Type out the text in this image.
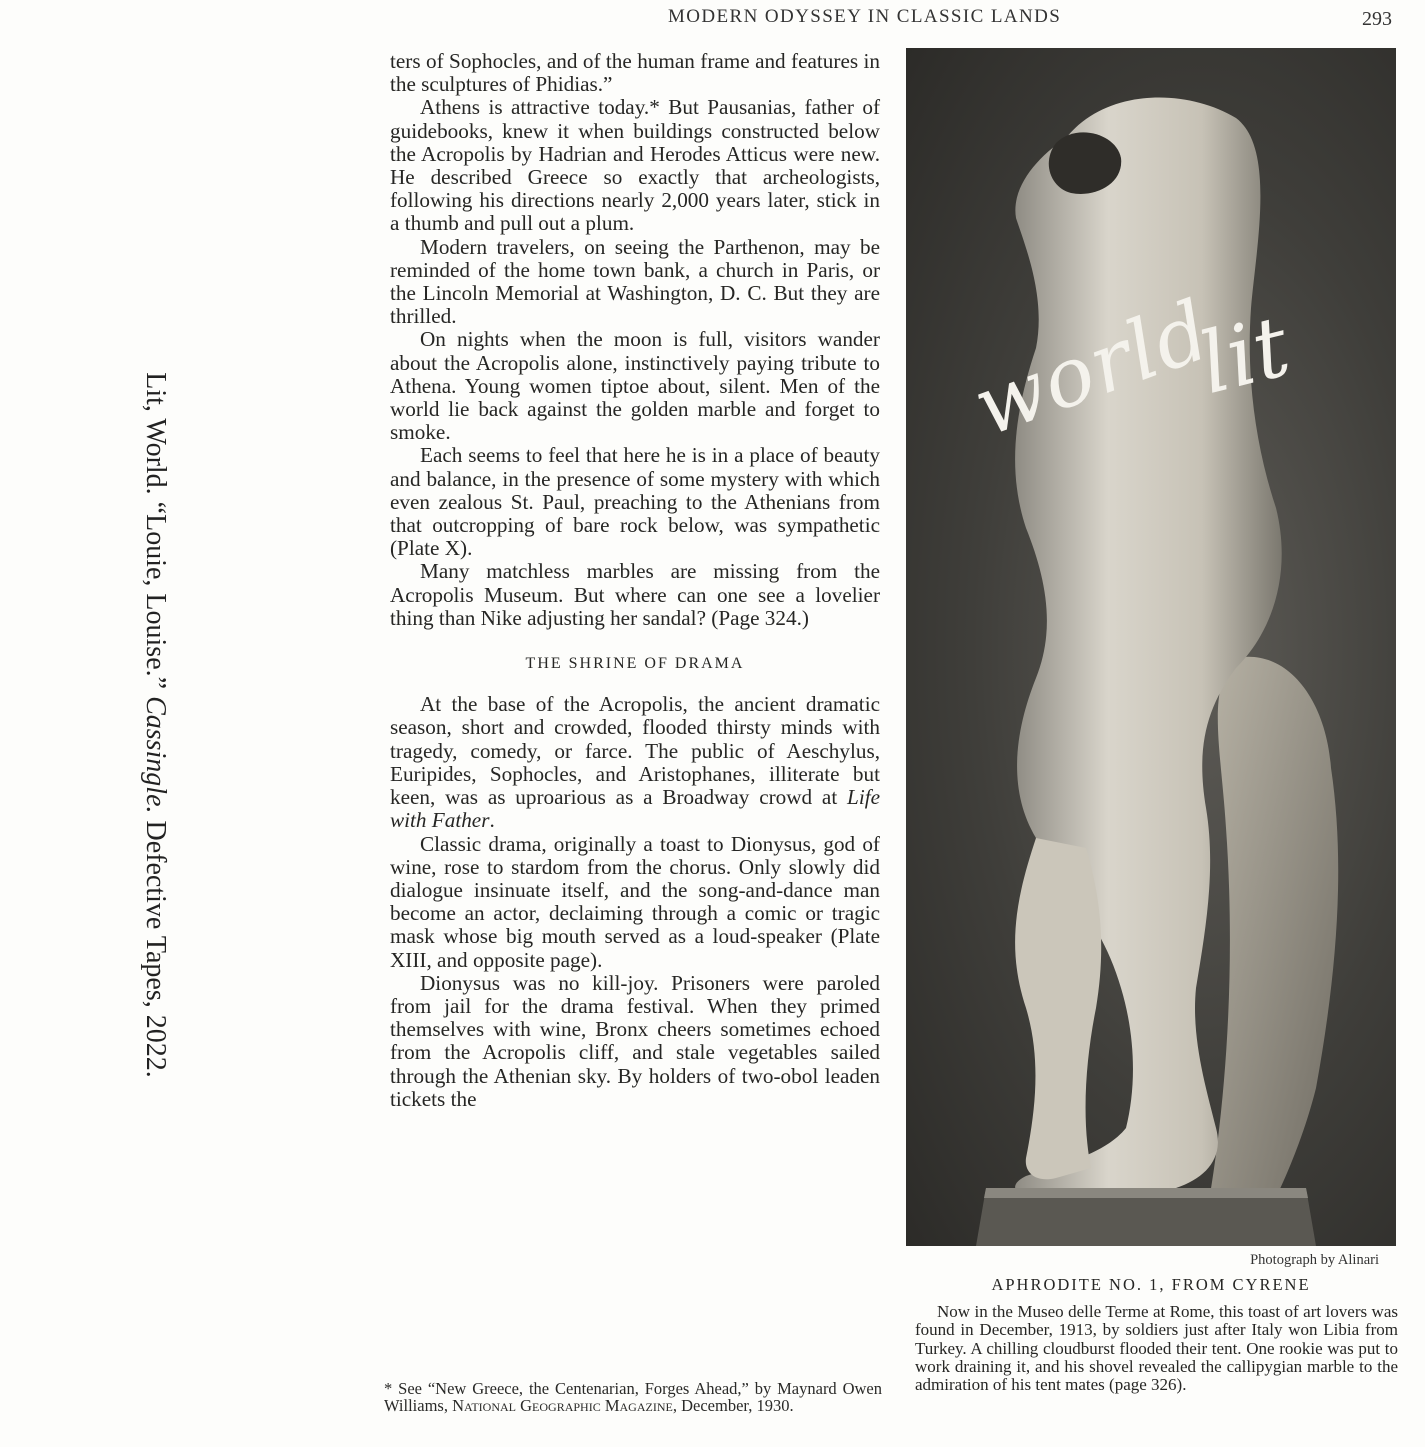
Lit, World. “Louie, Louise.” Cassingle. Defective Tapes, 2022.
MODERN ODYSSEY IN CLASSIC LANDS	293

ters of Sophocles, and of the human frame and features in the sculptures of Phidias.”

Athens is attractive today.* But Pausanias, father of guidebooks, knew it when buildings constructed below the Acropolis by Hadrian and Herodes Atticus were new. He described Greece so exactly that archeologists, following his directions nearly 2,000 years later, stick in a thumb and pull out a plum.

Modern travelers, on seeing the Parthenon, may be reminded of the home town bank, a church in Paris, or the Lincoln Memorial at Washington, D. C. But they are thrilled.

On nights when the moon is full, visitors wander about the Acropolis alone, instinctively paying tribute to Athena. Young women tiptoe about, silent. Men of the world lie back against the golden marble and forget to smoke.

Each seems to feel that here he is in a place of beauty and balance, in the presence of some mystery with which even zealous St. Paul, preaching to the Athenians from that outcropping of bare rock below, was sympathetic (Plate X).

Many matchless marbles are missing from the Acropolis Museum. But where can one see a lovelier thing than Nike adjusting her sandal? (Page 324.)

THE SHRINE OF DRAMA

At the base of the Acropolis, the ancient dramatic season, short and crowded, flooded thirsty minds with tragedy, comedy, or farce. The public of Aeschylus, Euripides, Sophocles, and Aristophanes, illiterate but keen, was as uproarious as a Broadway crowd at Life with Father.

Classic drama, originally a toast to Dionysus, god of wine, rose to stardom from the chorus. Only slowly did dialogue insinuate itself, and the song-and-dance man become an actor, declaiming through a comic or tragic mask whose big mouth served as a loud-speaker (Plate XIII, and opposite page).

Dionysus was no kill-joy. Prisoners were paroled from jail for the drama festival. When they primed themselves with wine, Bronx cheers sometimes echoed from the Acropolis cliff, and stale vegetables sailed through the Athenian sky. By holders of two-obol leaden tickets the

* See “New Greece, the Centenarian, Forges Ahead,” by Maynard Owen Williams, National Geographic Magazine, December, 1930.
world
lit
Photograph by Alinari
APHRODITE NO. 1, FROM CYRENE
Now in the Museo delle Terme at Rome, this toast of art lovers was found in December, 1913, by soldiers just after Italy won Libia from Turkey. A chilling cloudburst flooded their tent. One rookie was put to work draining it, and his shovel revealed the callipygian marble to the admiration of his tent mates (page 326).
